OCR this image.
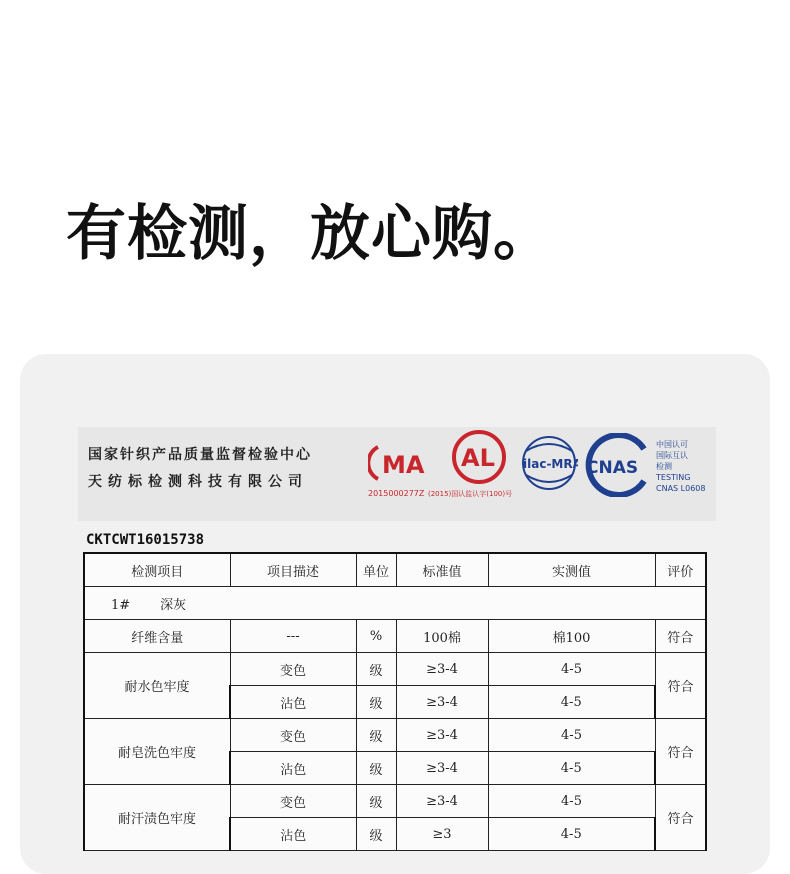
有检测，放心购。
国家针织产品质量监督检验中心
天纺标检测科技有限公司
MA
2015000277Z
AL
(2015)国认监认字(100)号
ilac-MRA CNAS
中国认可
国际互认
检测
TESTING
CNAS L0608
CKTCWT16015738
检测项目	项目描述	单位	标准值	实测值	评价
1# 深灰					
纤维含量	---	%	100棉	棉100	符合
耐水色牢度	变色	级	≥3-4	4-5	符合
	沾色	级	≥3-4	4-5	
耐皂洗色牢度	变色	级	≥3-4	4-5	符合
	沾色	级	≥3-4	4-5	
耐汗渍色牢度	变色	级	≥3-4	4-5	符合
	沾色	级	≥3	4-5	
